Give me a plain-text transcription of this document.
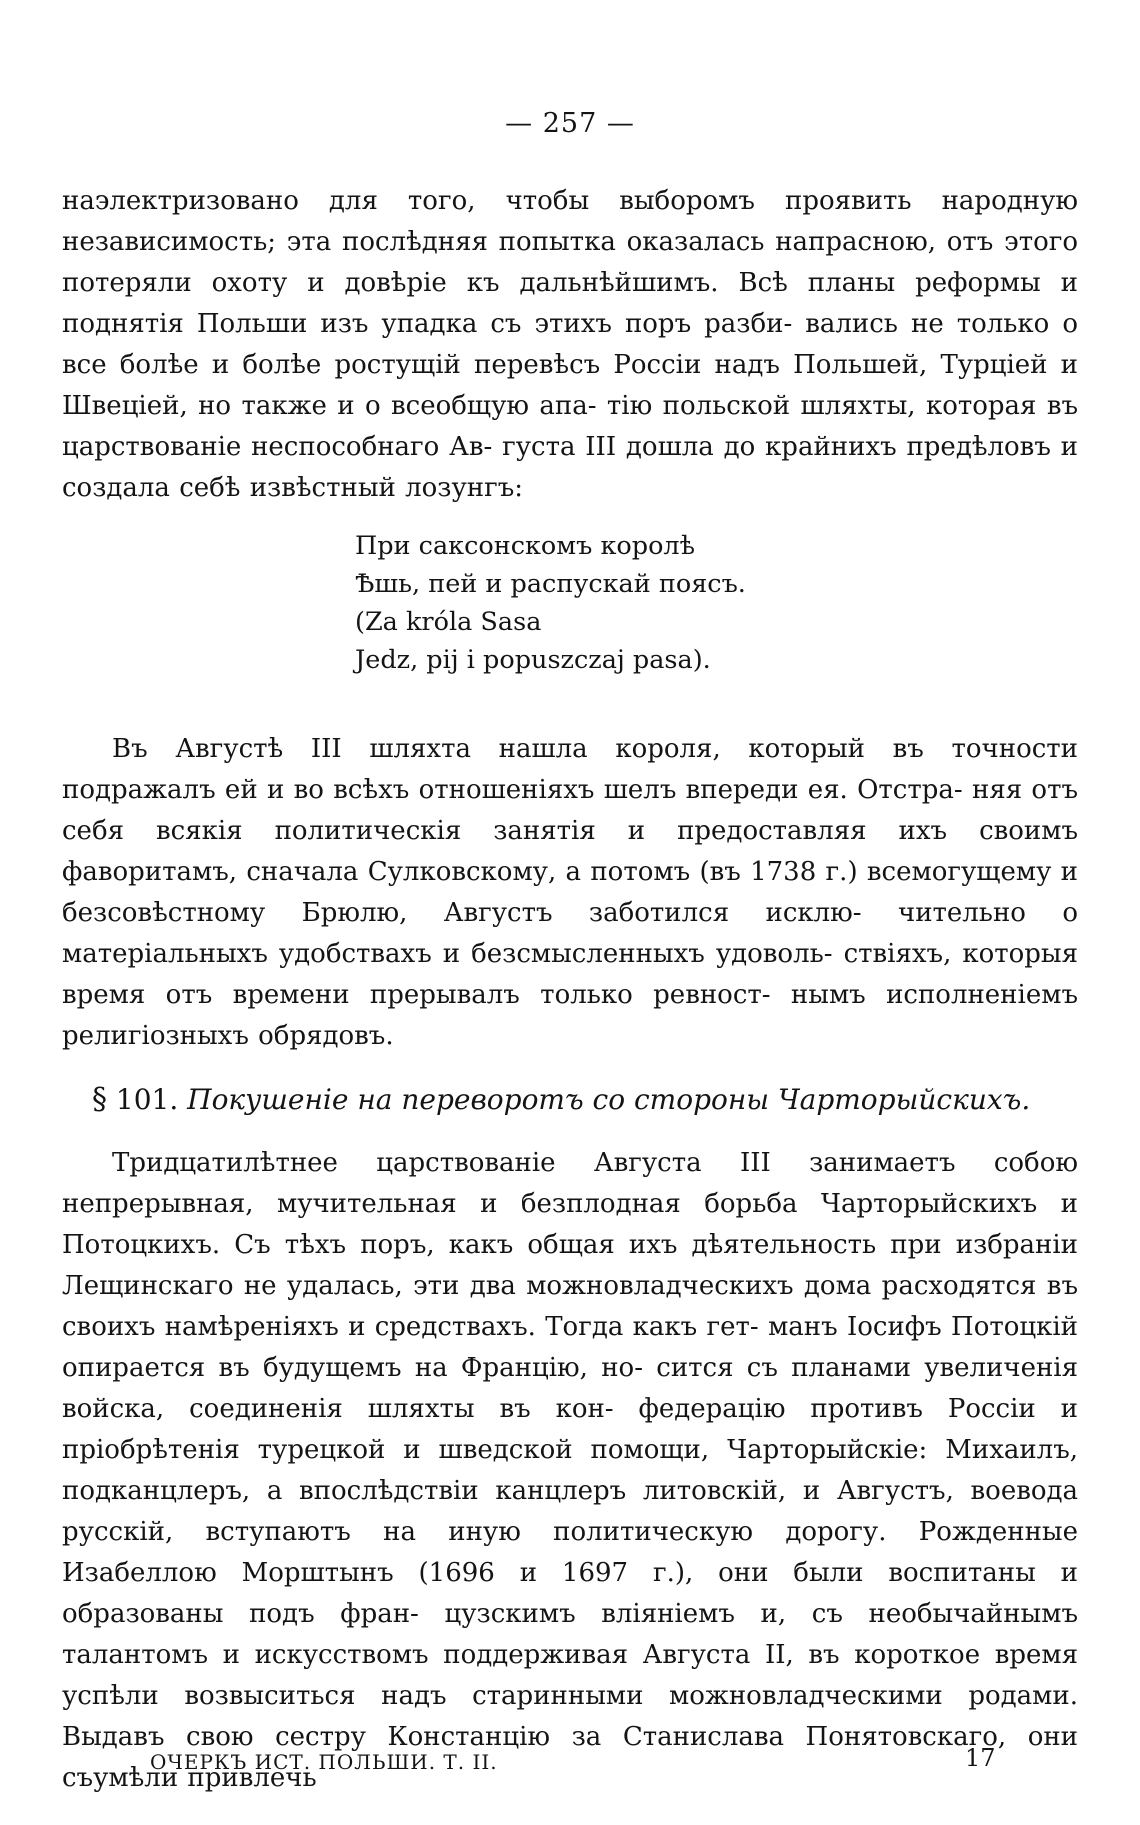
— 257 —

наэлектризовано для того, чтобы выборомъ проявить народную независимость; эта послѣдняя попытка оказалась напрасною, отъ этого потеряли охоту и довѣріе къ дальнѣйшимъ. Всѣ планы реформы и поднятія Польши изъ упадка съ этихъ поръ разби- вались не только о все болѣе и болѣе ростущій перевѣсъ Россіи надъ Польшей, Турціей и Швеціей, но также и о всеобщую апа- тію польской шляхты, которая въ царствованіе неспособнаго Ав- густа III дошла до крайнихъ предѣловъ и создала себѣ извѣстный лозунгъ:

При саксонскомъ королѣ
Ѣшь, пей и распускай поясъ.
(Za króla Sasa
Jedz, pij i popuszczaj pasa).

Въ Августѣ III шляхта нашла короля, который въ точности подражалъ ей и во всѣхъ отношеніяхъ шелъ впереди ея. Отстра- няя отъ себя всякія политическія занятія и предоставляя ихъ своимъ фаворитамъ, сначала Сулковскому, а потомъ (въ 1738 г.) всемогущему и безсовѣстному Брюлю, Августъ заботился исклю- чительно о матеріальныхъ удобствахъ и безсмысленныхъ удоволь- ствіяхъ, которыя время отъ времени прерывалъ только ревност- нымъ исполненіемъ религіозныхъ обрядовъ.

§ 101. Покушеніе на переворотъ со стороны Чарторыйскихъ.

Тридцатилѣтнее царствованіе Августа III занимаетъ собою непрерывная, мучительная и безплодная борьба Чарторыйскихъ и Потоцкихъ. Съ тѣхъ поръ, какъ общая ихъ дѣятельность при избраніи Лещинскаго не удалась, эти два можновладческихъ дома расходятся въ своихъ намѣреніяхъ и средствахъ. Тогда какъ гет- манъ Іосифъ Потоцкій опирается въ будущемъ на Францію, но- сится съ планами увеличенія войска, соединенія шляхты въ кон- федерацію противъ Россіи и пріобрѣтенія турецкой и шведской помощи, Чарторыйскіе: Михаилъ, подканцлеръ, а впослѣдствіи канцлеръ литовскій, и Августъ, воевода русскій, вступаютъ на иную политическую дорогу. Рожденные Изабеллою Морштынъ (1696 и 1697 г.), они были воспитаны и образованы подъ фран- цузскимъ вліяніемъ и, съ необычайнымъ талантомъ и искусствомъ поддерживая Августа II, въ короткое время успѣли возвыситься надъ старинными можновладческими родами. Выдавъ свою сестру Констанцію за Станислава Понятовскаго, они съумѣли привлечь

ОЧЕРКЪ ИСТ. ПОЛЬШИ. Т. II.	17
